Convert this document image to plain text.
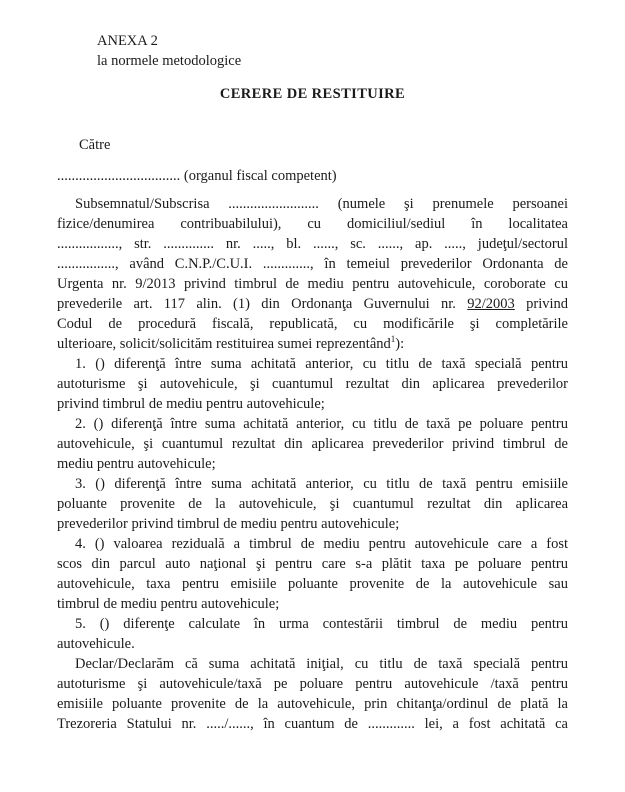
ANEXA 2
la normele metodologice
CERERE DE RESTITUIRE
Către
.................................. (organul fiscal competent)
Subsemnatul/Subscrisa ......................... (numele şi prenumele persoanei
fizice/denumirea contribuabilului), cu domiciliul/sediul în localitatea
................., str. .............. nr. ....., bl. ......, sc. ......, ap. ....., judeţul/sectorul
................, având C.N.P./C.U.I. ............., în temeiul prevederilor Ordonanta de
Urgenta nr. 9/2013 privind timbrul de mediu pentru autovehicule, coroborate cu
prevederile art. 117 alin. (1) din Ordonanţa Guvernului nr. 92/2003 privind
Codul de procedură fiscală, republicată, cu modificările şi completările
ulterioare, solicit/solicităm restituirea sumei reprezentând$^1$):
1. () diferenţă între suma achitată anterior, cu titlu de taxă specială pentru
autoturisme şi autovehicule, şi cuantumul rezultat din aplicarea prevederilor
privind timbrul de mediu pentru autovehicule;
2. () diferenţă între suma achitată anterior, cu titlu de taxă pe poluare pentru
autovehicule, şi cuantumul rezultat din aplicarea prevederilor privind timbrul de
mediu pentru autovehicule;
3. () diferenţă între suma achitată anterior, cu titlu de taxă pentru emisiile
poluante provenite de la autovehicule, şi cuantumul rezultat din aplicarea
prevederilor privind timbrul de mediu pentru autovehicule;
4. () valoarea reziduală a timbrul de mediu pentru autovehicule care a fost
scos din parcul auto naţional şi pentru care s-a plătit taxa pe poluare pentru
autovehicule, taxa pentru emisiile poluante provenite de la autovehicule sau
timbrul de mediu pentru autovehicule;
5. () diferenţe calculate în urma contestării timbrul de mediu pentru
autovehicule.
Declar/Declarăm că suma achitată iniţial, cu titlu de taxă specială pentru
autoturisme şi autovehicule/taxă pe poluare pentru autovehicule /taxă pentru
emisiile poluante provenite de la autovehicule, prin chitanţa/ordinul de plată la
Trezoreria Statului nr. ...../......, în cuantum de ............. lei, a fost achitată ca
